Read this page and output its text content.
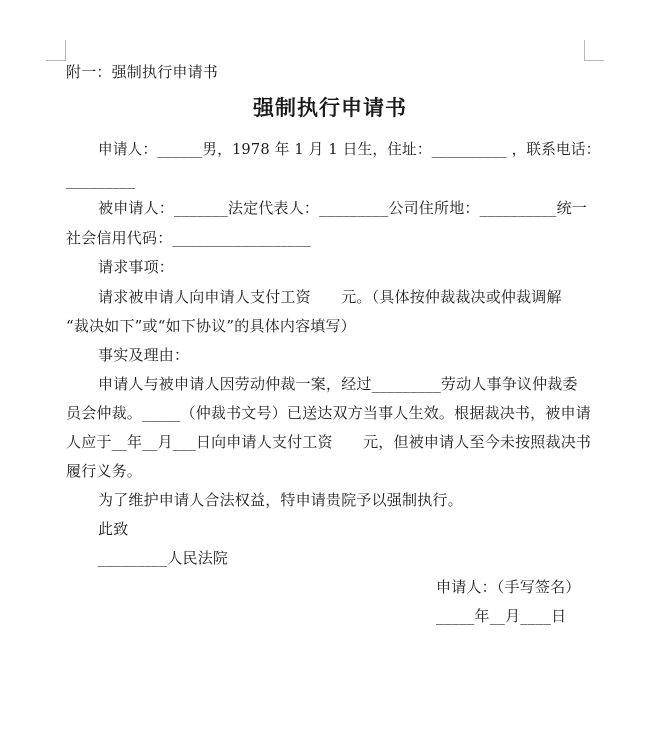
附一：强制执行申请书
强制执行申请书
申请人：______男，1978 年 1 月 1 日生，住址：__________ ，联系电话：
_________
被申请人：_______法定代表人：_________公司住所地：__________统一
社会信用代码：__________________
请求事项：
请求被申请人向申请人支付工资　　元。（具体按仲裁裁决或仲裁调解
“裁决如下”或“如下协议”的具体内容填写）
事实及理由：
申请人与被申请人因劳动仲裁一案，经过_________劳动人事争议仲裁委
员会仲裁。_____（仲裁书文号）已送达双方当事人生效。根据裁决书，被申请
人应于__年__月___日向申请人支付工资　　元，但被申请人至今未按照裁决书
履行义务。
为了维护申请人合法权益，特申请贵院予以强制执行。
此致
_________人民法院
申请人：（手写签名）
_____年__月____日
